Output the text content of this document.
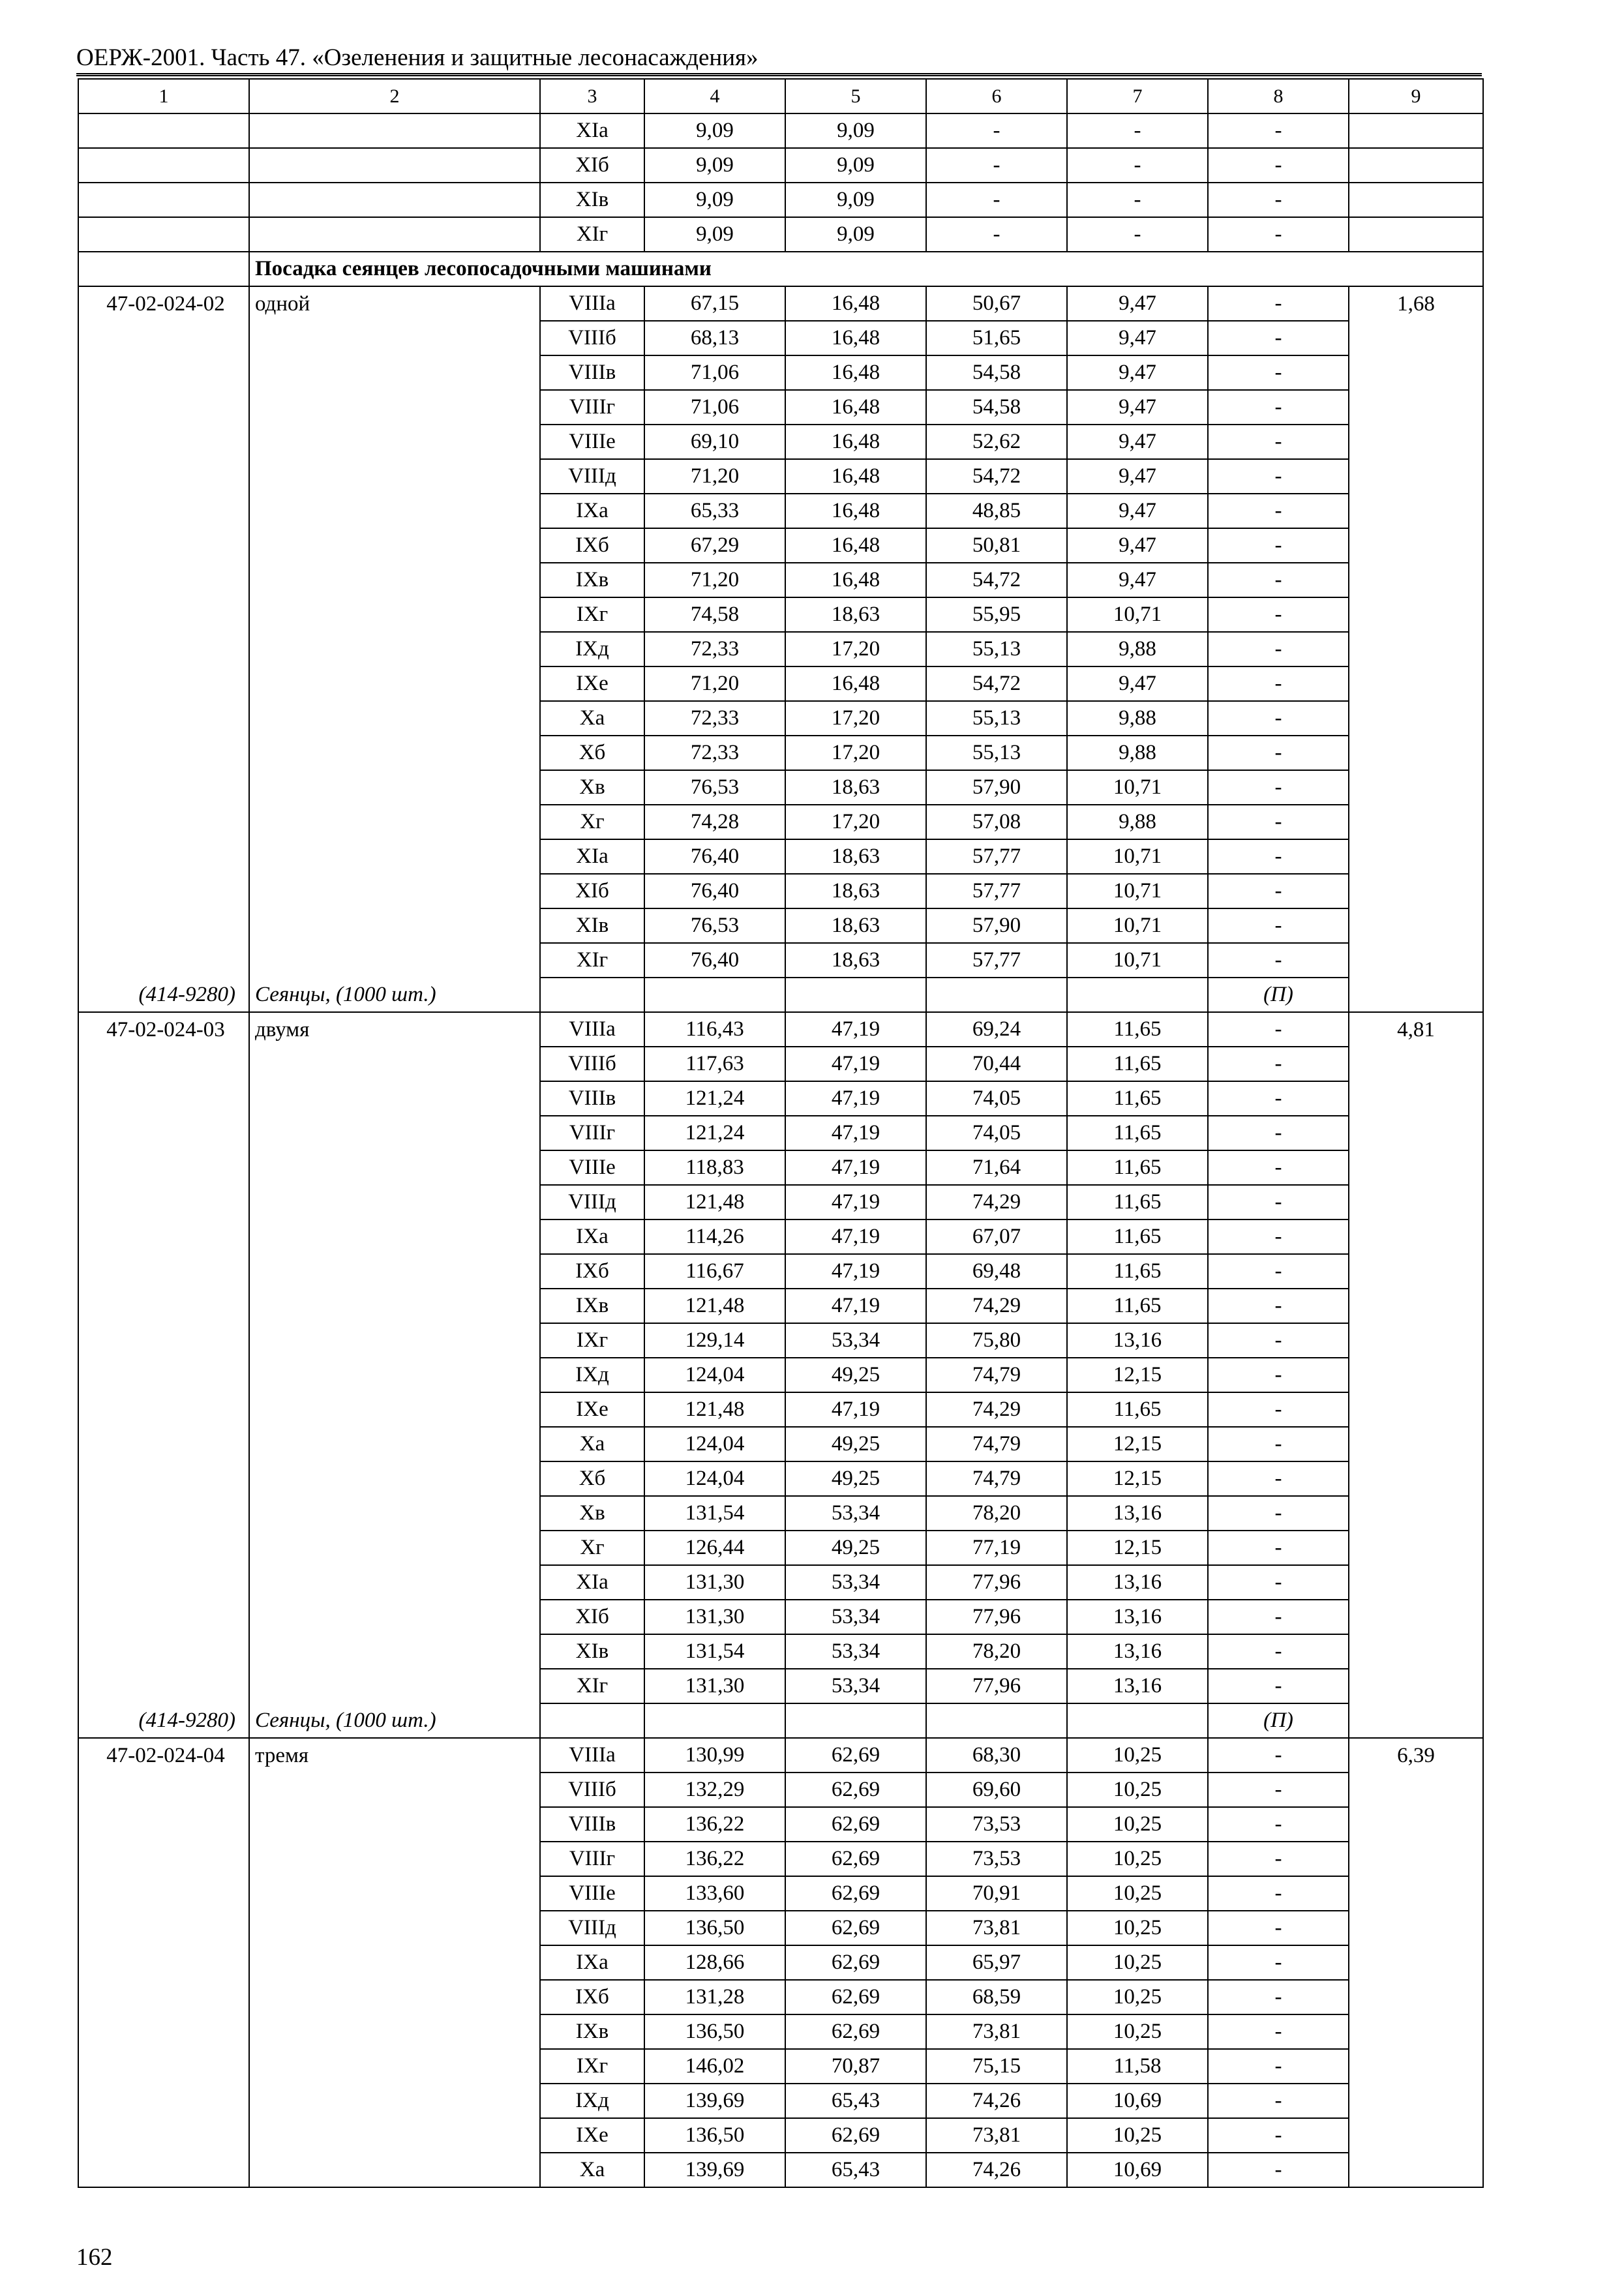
ОЕРЖ-2001. Часть 47. «Озеленения и защитные лесонасаждения»
1	2	3	4	5	6	7	8	9
		XIа	9,09	9,09	-	-	-	
		XIб	9,09	9,09	-	-	-	
		XIв	9,09	9,09	-	-	-	
		XIг	9,09	9,09	-	-	-	
	Посадка сеянцев лесопосадочными машинами							
47-02-024-02	одной	VIIIа	67,15	16,48	50,67	9,47	-	1,68
		VIIIб	68,13	16,48	51,65	9,47	-	
		VIIIв	71,06	16,48	54,58	9,47	-	
		VIIIг	71,06	16,48	54,58	9,47	-	
		VIIIе	69,10	16,48	52,62	9,47	-	
		VIIIд	71,20	16,48	54,72	9,47	-	
		IXа	65,33	16,48	48,85	9,47	-	
		IXб	67,29	16,48	50,81	9,47	-	
		IXв	71,20	16,48	54,72	9,47	-	
		IXг	74,58	18,63	55,95	10,71	-	
		IXд	72,33	17,20	55,13	9,88	-	
		IXе	71,20	16,48	54,72	9,47	-	
		Xа	72,33	17,20	55,13	9,88	-	
		Xб	72,33	17,20	55,13	9,88	-	
		Xв	76,53	18,63	57,90	10,71	-	
		Xг	74,28	17,20	57,08	9,88	-	
		XIа	76,40	18,63	57,77	10,71	-	
		XIб	76,40	18,63	57,77	10,71	-	
		XIв	76,53	18,63	57,90	10,71	-	
		XIг	76,40	18,63	57,77	10,71	-	
(414-9280)	Сеянцы, (1000 шт.)						(П)	
47-02-024-03	двумя	VIIIа	116,43	47,19	69,24	11,65	-	4,81
		VIIIб	117,63	47,19	70,44	11,65	-	
		VIIIв	121,24	47,19	74,05	11,65	-	
		VIIIг	121,24	47,19	74,05	11,65	-	
		VIIIе	118,83	47,19	71,64	11,65	-	
		VIIIд	121,48	47,19	74,29	11,65	-	
		IXа	114,26	47,19	67,07	11,65	-	
		IXб	116,67	47,19	69,48	11,65	-	
		IXв	121,48	47,19	74,29	11,65	-	
		IXг	129,14	53,34	75,80	13,16	-	
		IXд	124,04	49,25	74,79	12,15	-	
		IXе	121,48	47,19	74,29	11,65	-	
		Xа	124,04	49,25	74,79	12,15	-	
		Xб	124,04	49,25	74,79	12,15	-	
		Xв	131,54	53,34	78,20	13,16	-	
		Xг	126,44	49,25	77,19	12,15	-	
		XIа	131,30	53,34	77,96	13,16	-	
		XIб	131,30	53,34	77,96	13,16	-	
		XIв	131,54	53,34	78,20	13,16	-	
		XIг	131,30	53,34	77,96	13,16	-	
(414-9280)	Сеянцы, (1000 шт.)						(П)	
47-02-024-04	тремя	VIIIа	130,99	62,69	68,30	10,25	-	6,39
		VIIIб	132,29	62,69	69,60	10,25	-	
		VIIIв	136,22	62,69	73,53	10,25	-	
		VIIIг	136,22	62,69	73,53	10,25	-	
		VIIIе	133,60	62,69	70,91	10,25	-	
		VIIIд	136,50	62,69	73,81	10,25	-	
		IXа	128,66	62,69	65,97	10,25	-	
		IXб	131,28	62,69	68,59	10,25	-	
		IXв	136,50	62,69	73,81	10,25	-	
		IXг	146,02	70,87	75,15	11,58	-	
		IXд	139,69	65,43	74,26	10,69	-	
		IXе	136,50	62,69	73,81	10,25	-	
		Xа	139,69	65,43	74,26	10,69	-	
162
